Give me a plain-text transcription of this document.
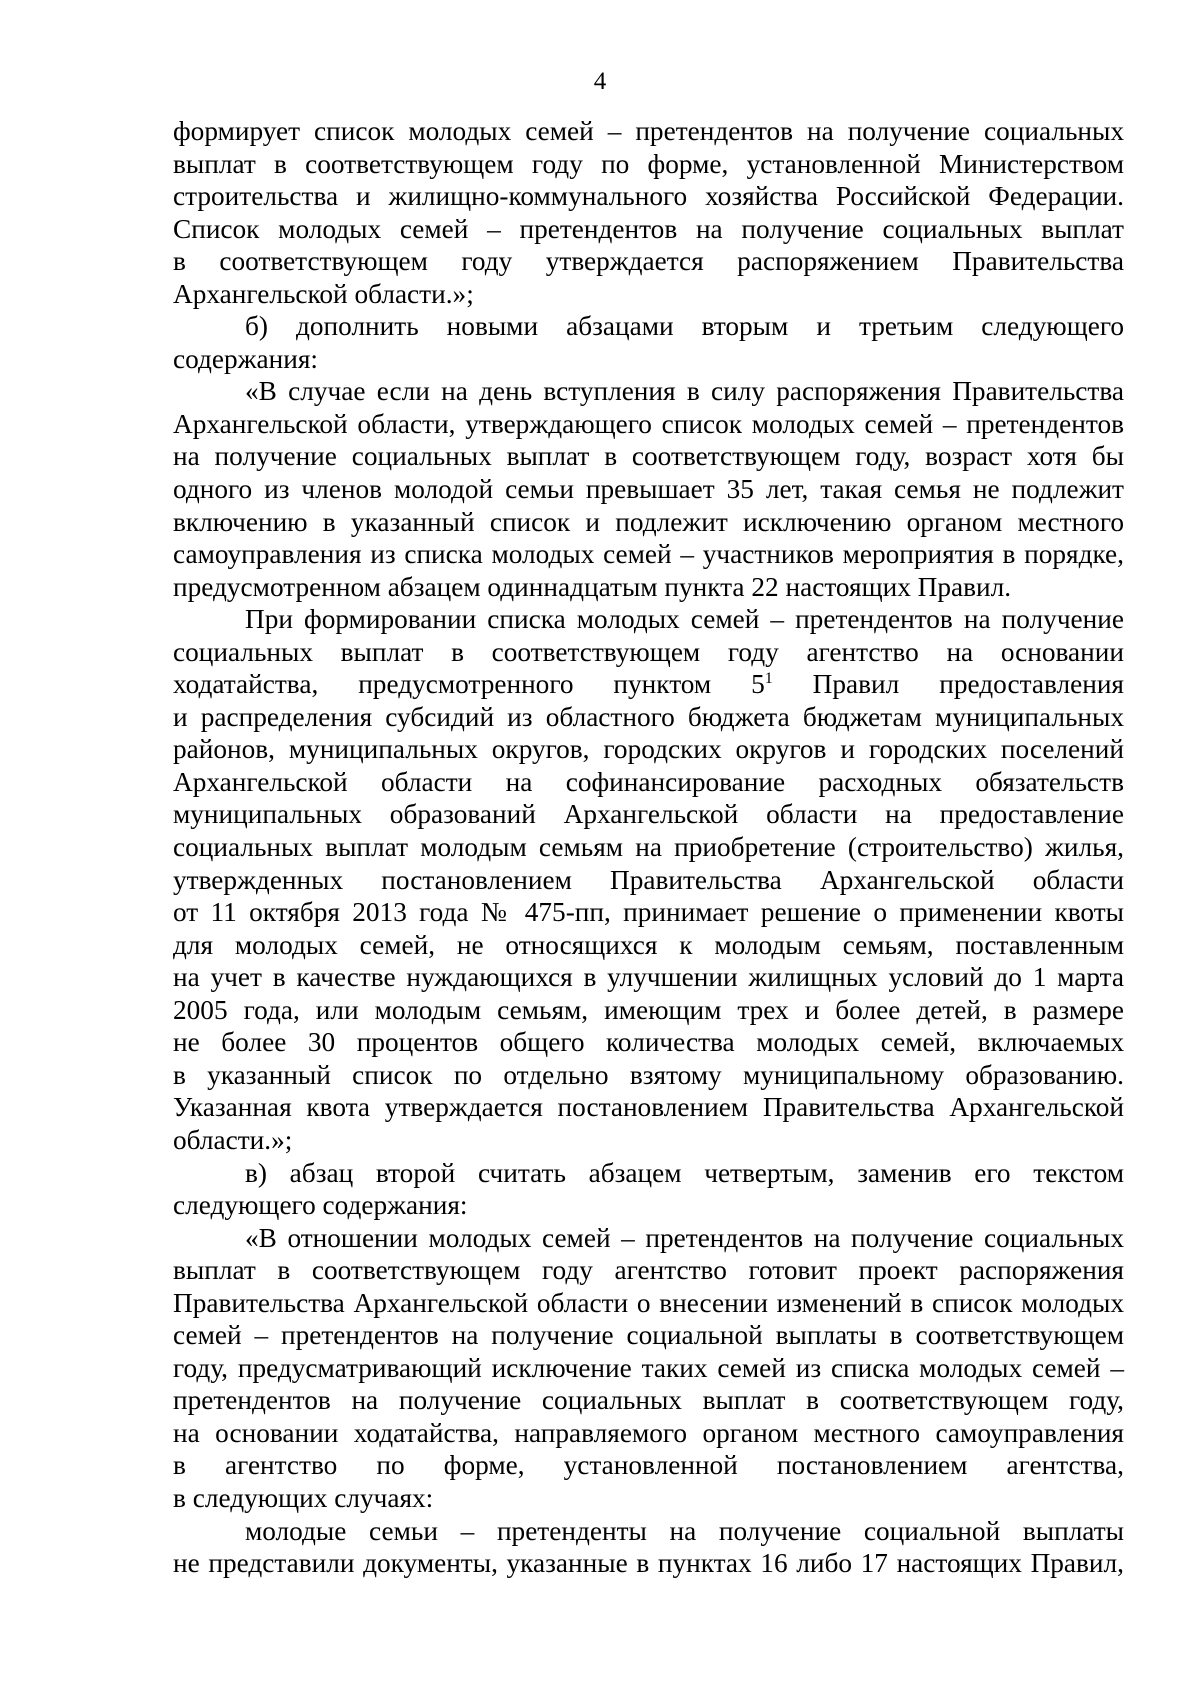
4

формирует список молодых семей – претендентов на получение социальных
выплат в соответствующем году по форме, установленной Министерством
строительства и жилищно-коммунального хозяйства Российской Федерации.
Список молодых семей – претендентов на получение социальных выплат
в соответствующем году утверждается распоряжением Правительства
Архангельской области.»;

б) дополнить новыми абзацами вторым и третьим следующего
содержания:

«В случае если на день вступления в силу распоряжения Правительства
Архангельской области, утверждающего список молодых семей – претендентов
на получение социальных выплат в соответствующем году, возраст хотя бы
одного из членов молодой семьи превышает 35 лет, такая семья не подлежит
включению в указанный список и подлежит исключению органом местного
самоуправления из списка молодых семей – участников мероприятия в порядке,
предусмотренном абзацем одиннадцатым пункта 22 настоящих Правил.

При формировании списка молодых семей – претендентов на получение
социальных выплат в соответствующем году агентство на основании
ходатайства, предусмотренного пунктом $5^1$ Правил предоставления
и распределения субсидий из областного бюджета бюджетам муниципальных
районов, муниципальных округов, городских округов и городских поселений
Архангельской области на софинансирование расходных обязательств
муниципальных образований Архангельской области на предоставление
социальных выплат молодым семьям на приобретение (строительство) жилья,
утвержденных постановлением Правительства Архангельской области
от 11 октября 2013 года № 475-пп, принимает решение о применении квоты
для молодых семей, не относящихся к молодым семьям, поставленным
на учет в качестве нуждающихся в улучшении жилищных условий до 1 марта
2005 года, или молодым семьям, имеющим трех и более детей, в размере
не более 30 процентов общего количества молодых семей, включаемых
в указанный список по отдельно взятому муниципальному образованию.
Указанная квота утверждается постановлением Правительства Архангельской
области.»;

в) абзац второй считать абзацем четвертым, заменив его текстом
следующего содержания:

«В отношении молодых семей – претендентов на получение социальных
выплат в соответствующем году агентство готовит проект распоряжения
Правительства Архангельской области о внесении изменений в список молодых
семей – претендентов на получение социальной выплаты в соответствующем
году, предусматривающий исключение таких семей из списка молодых семей –
претендентов на получение социальных выплат в соответствующем году,
на основании ходатайства, направляемого органом местного самоуправления
в агентство по форме, установленной постановлением агентства,
в следующих случаях:

молодые семьи – претенденты на получение социальной выплаты
не представили документы, указанные в пунктах 16 либо 17 настоящих Правил,
